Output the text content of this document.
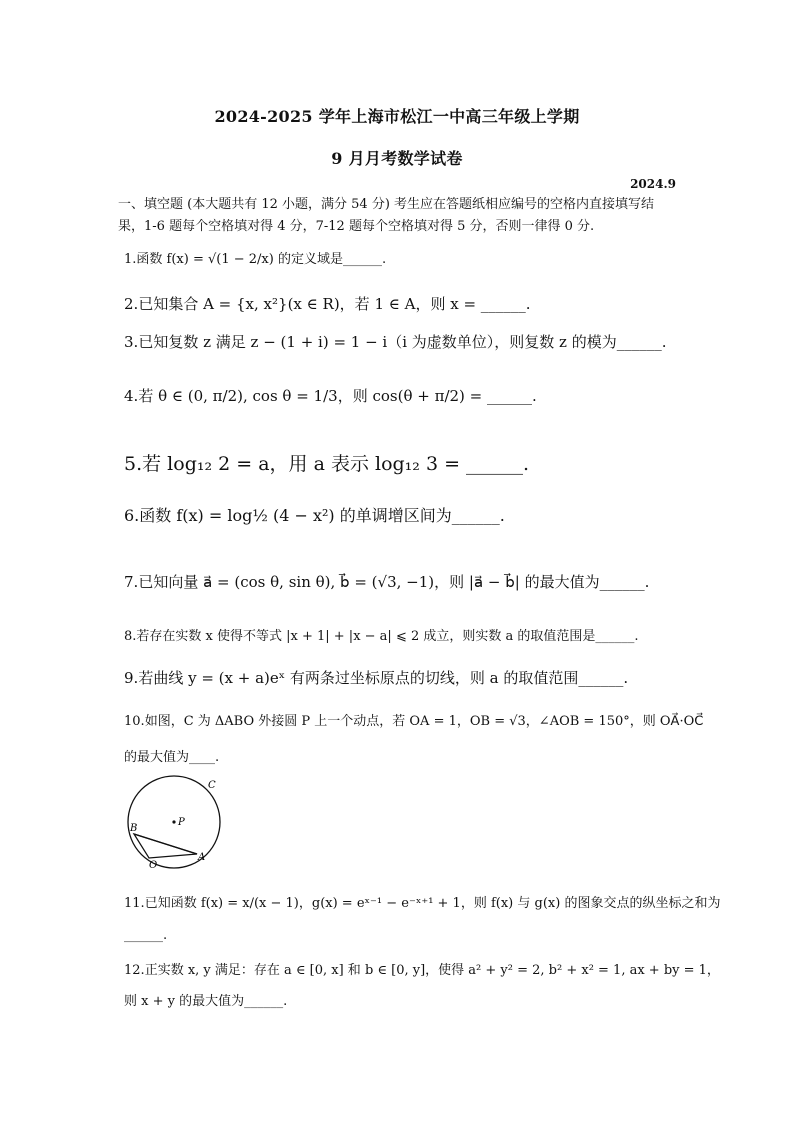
2024-2025 学年上海市松江一中高三年级上学期
9 月月考数学试卷
2024.9
一、填空题 (本大题共有 12 小题，满分 54 分) 考生应在答题纸相应编号的空格内直接填写结果，1-6 题每个空格填对得 4 分，7-12 题每个空格填对得 5 分，否则一律得 0 分.
1.函数 f(x) = √(1 − 2/x) 的定义域是______.
2.已知集合 A = {x, x²}(x ∈ R)，若 1 ∈ A，则 x = ______.
3.已知复数 z 满足 z − (1 + i) = 1 − i（i 为虚数单位），则复数 z 的模为______.
4.若 θ ∈ (0, π/2), cos θ = 1/3，则 cos(θ + π/2) = ______.
5.若 log₁₂ 2 = a，用 a 表示 log₁₂ 3 = ______.
6.函数 f(x) = log½ (4 − x²) 的单调增区间为______.
7.已知向量 a⃗ = (cos θ, sin θ), b⃗ = (√3, −1)，则 |a⃗ − b⃗| 的最大值为______.
8.若存在实数 x 使得不等式 |x + 1| + |x − a| ⩽ 2 成立，则实数 a 的取值范围是______.
9.若曲线 y = (x + a)eˣ 有两条过坐标原点的切线，则 a 的取值范围______.
10.如图，C 为 ΔABO 外接圆 P 上一个动点，若 OA = 1，OB = √3，∠AOB = 150°，则 OA⃗·OC⃗
的最大值为____.
C
P
B
O
A
11.已知函数 f(x) = x/(x − 1)，g(x) = eˣ⁻¹ − e⁻ˣ⁺¹ + 1，则 f(x) 与 g(x) 的图象交点的纵坐标之和为
______.
12.正实数 x, y 满足：存在 a ∈ [0, x] 和 b ∈ [0, y]，使得 a² + y² = 2, b² + x² = 1, ax + by = 1，
则 x + y 的最大值为______.
